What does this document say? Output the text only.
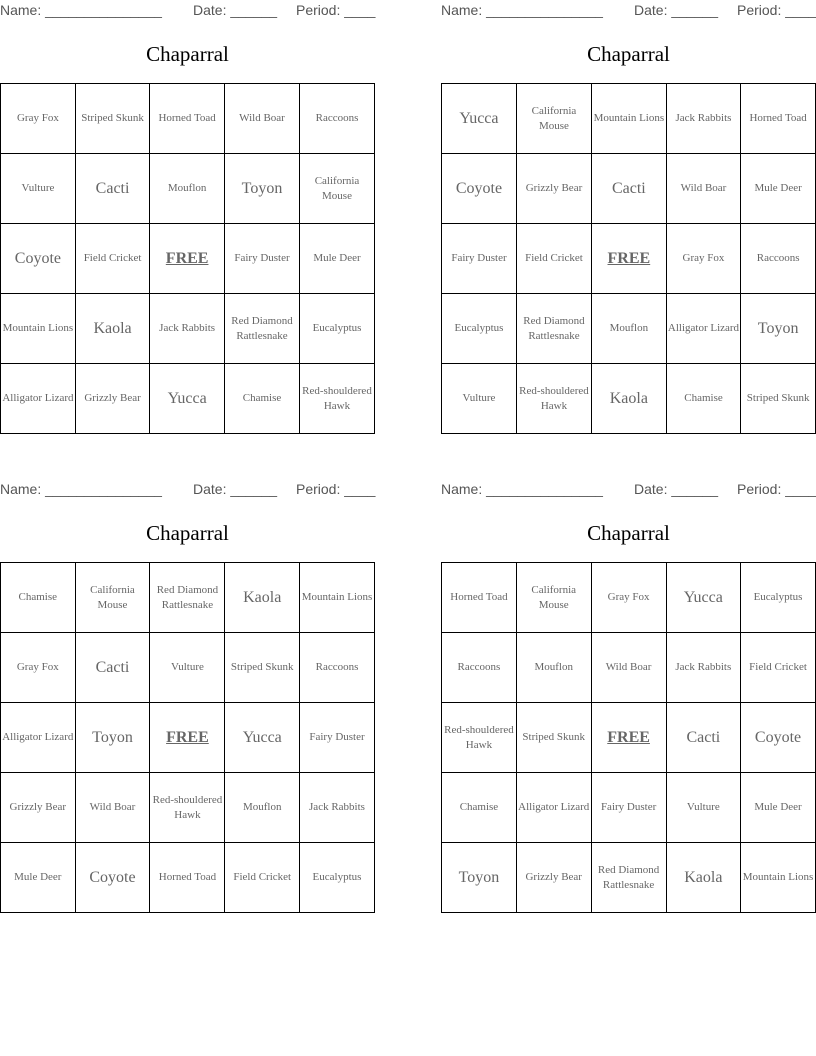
Name: _______________ Date: ______ Period: ____
Chaparral
Gray Fox	Striped Skunk	Horned Toad	Wild Boar	Raccoons
Vulture	Cacti	Mouflon	Toyon	California Mouse
Coyote	Field Cricket	FREE	Fairy Duster	Mule Deer
Mountain Lions	Kaola	Jack Rabbits	Red Diamond Rattlesnake	Eucalyptus
Alligator Lizard	Grizzly Bear	Yucca	Chamise	Red-shouldered Hawk
Name: _______________ Date: ______ Period: ____
Chaparral
Yucca	California Mouse	Mountain Lions	Jack Rabbits	Horned Toad
Coyote	Grizzly Bear	Cacti	Wild Boar	Mule Deer
Fairy Duster	Field Cricket	FREE	Gray Fox	Raccoons
Eucalyptus	Red Diamond Rattlesnake	Mouflon	Alligator Lizard	Toyon
Vulture	Red-shouldered Hawk	Kaola	Chamise	Striped Skunk
Name: _______________ Date: ______ Period: ____
Chaparral
Chamise	California Mouse	Red Diamond Rattlesnake	Kaola	Mountain Lions
Gray Fox	Cacti	Vulture	Striped Skunk	Raccoons
Alligator Lizard	Toyon	FREE	Yucca	Fairy Duster
Grizzly Bear	Wild Boar	Red-shouldered Hawk	Mouflon	Jack Rabbits
Mule Deer	Coyote	Horned Toad	Field Cricket	Eucalyptus
Name: _______________ Date: ______ Period: ____
Chaparral
Horned Toad	California Mouse	Gray Fox	Yucca	Eucalyptus
Raccoons	Mouflon	Wild Boar	Jack Rabbits	Field Cricket
Red-shouldered Hawk	Striped Skunk	FREE	Cacti	Coyote
Chamise	Alligator Lizard	Fairy Duster	Vulture	Mule Deer
Toyon	Grizzly Bear	Red Diamond Rattlesnake	Kaola	Mountain Lions
